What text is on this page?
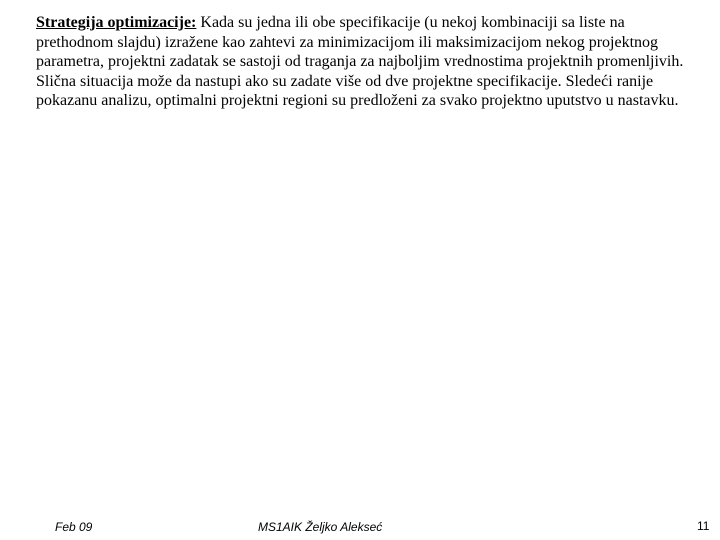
Strategija optimizacije: Kada su jedna ili obe specifikacije (u nekoj kombinaciji sa liste na prethodnom slajdu) izražene kao zahtevi za minimizacijom ili maksimizacijom nekog projektnog parametra, projektni zadatak se sastoji od traganja za najboljim vrednostima projektnih promenljivih. Slična situacija može da nastupi ako su zadate više od dve projektne specifikacije. Sledeći ranije pokazanu analizu, optimalni projektni regioni su predloženi za svako projektno uputstvo u nastavku.

Feb 09	MS1AIK Željko Alekseć	11
